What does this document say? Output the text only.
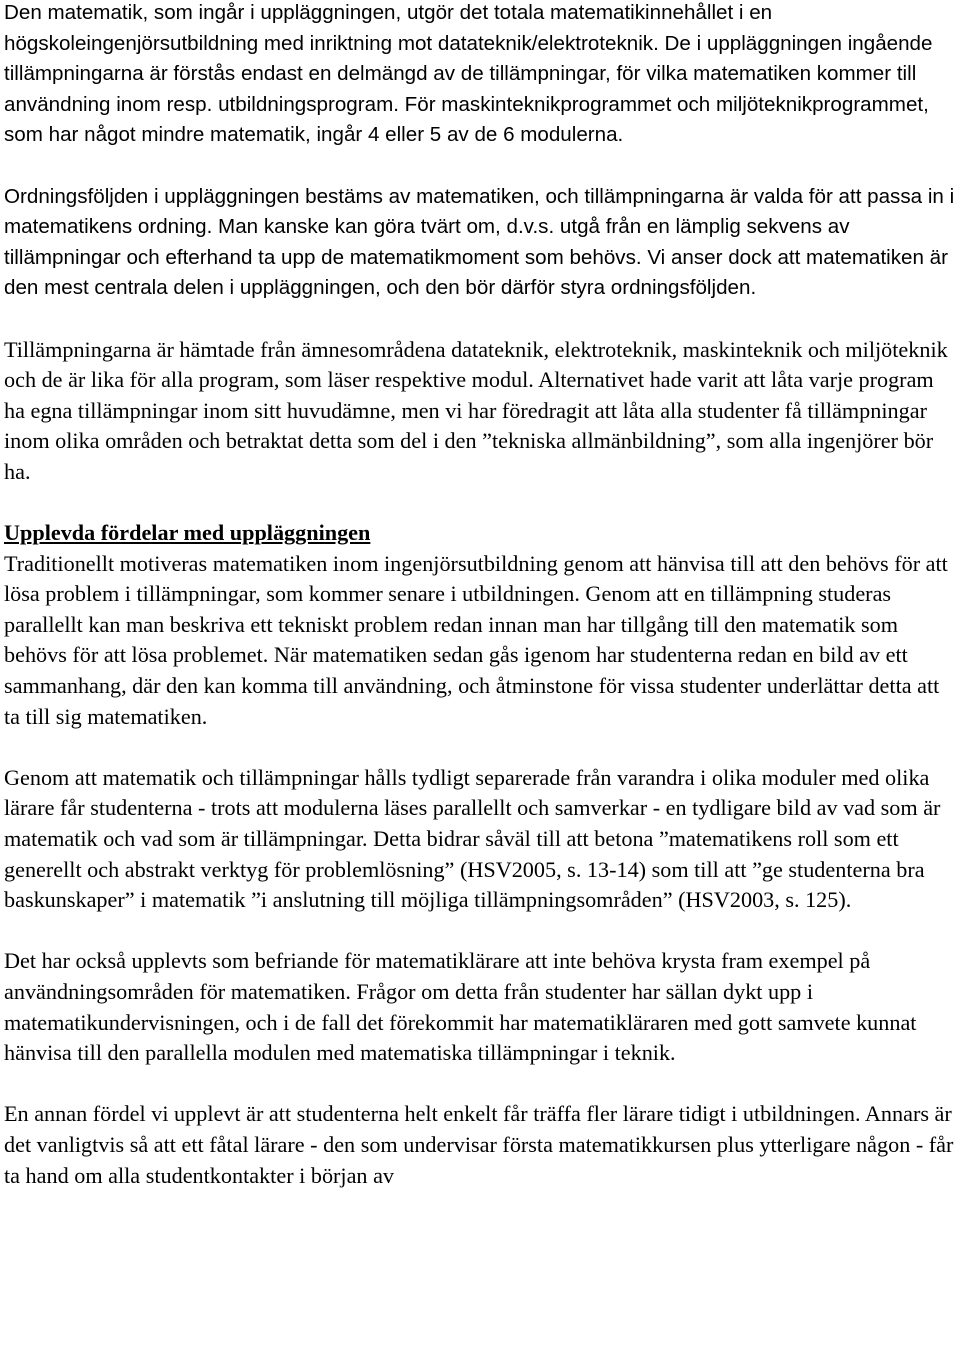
Den matematik, som ingår i uppläggningen, utgör det totala matematikinnehållet i en högskoleingenjörsutbildning med inriktning mot datateknik/elektroteknik. De i uppläggningen ingående tillämpningarna är förstås endast en delmängd av de tillämpningar, för vilka matematiken kommer till användning inom resp. utbildningsprogram. För maskinteknikprogrammet och miljöteknikprogrammet, som har något mindre matematik, ingår 4 eller 5 av de 6 modulerna.

Ordningsföljden i uppläggningen bestäms av matematiken, och tillämpningarna är valda för att passa in i matematikens ordning. Man kanske kan göra tvärt om, d.v.s. utgå från en lämplig sekvens av tillämpningar och efterhand ta upp de matematikmoment som behövs. Vi anser dock att matematiken är den mest centrala delen i uppläggningen, och den bör därför styra ordningsföljden.

Tillämpningarna är hämtade från ämnesområdena datateknik, elektroteknik, maskinteknik och miljöteknik och de är lika för alla program, som läser respektive modul. Alternativet hade varit att låta varje program ha egna tillämpningar inom sitt huvudämne, men vi har föredragit att låta alla studenter få tillämpningar inom olika områden och betraktat detta som del i den ”tekniska allmänbildning”, som alla ingenjörer bör ha.

Upplevda fördelar med uppläggningen
Traditionellt motiveras matematiken inom ingenjörsutbildning genom att hänvisa till att den behövs för att lösa problem i tillämpningar, som kommer senare i utbildningen. Genom att en tillämpning studeras parallellt kan man beskriva ett tekniskt problem redan innan man har tillgång till den matematik som behövs för att lösa problemet. När matematiken sedan gås igenom har studenterna redan en bild av ett sammanhang, där den kan komma till användning, och åtminstone för vissa studenter underlättar detta att ta till sig matematiken.

Genom att matematik och tillämpningar hålls tydligt separerade från varandra i olika moduler med olika lärare får studenterna - trots att modulerna läses parallellt och samverkar - en tydligare bild av vad som är matematik och vad som är tillämpningar. Detta bidrar såväl till att betona ”matematikens roll som ett generellt och abstrakt verktyg för problemlösning” (HSV2005, s. 13-14) som till att ”ge studenterna bra baskunskaper” i matematik ”i anslutning till möjliga tillämpningsområden” (HSV2003, s. 125).

Det har också upplevts som befriande för matematiklärare att inte behöva krysta fram exempel på användningsområden för matematiken. Frågor om detta från studenter har sällan dykt upp i matematikundervisningen, och i de fall det förekommit har matematikläraren med gott samvete kunnat hänvisa till den parallella modulen med matematiska tillämpningar i teknik.

En annan fördel vi upplevt är att studenterna helt enkelt får träffa fler lärare tidigt i utbildningen. Annars är det vanligtvis så att ett fåtal lärare - den som undervisar första matematikkursen plus ytterligare någon - får ta hand om alla studentkontakter i början av
